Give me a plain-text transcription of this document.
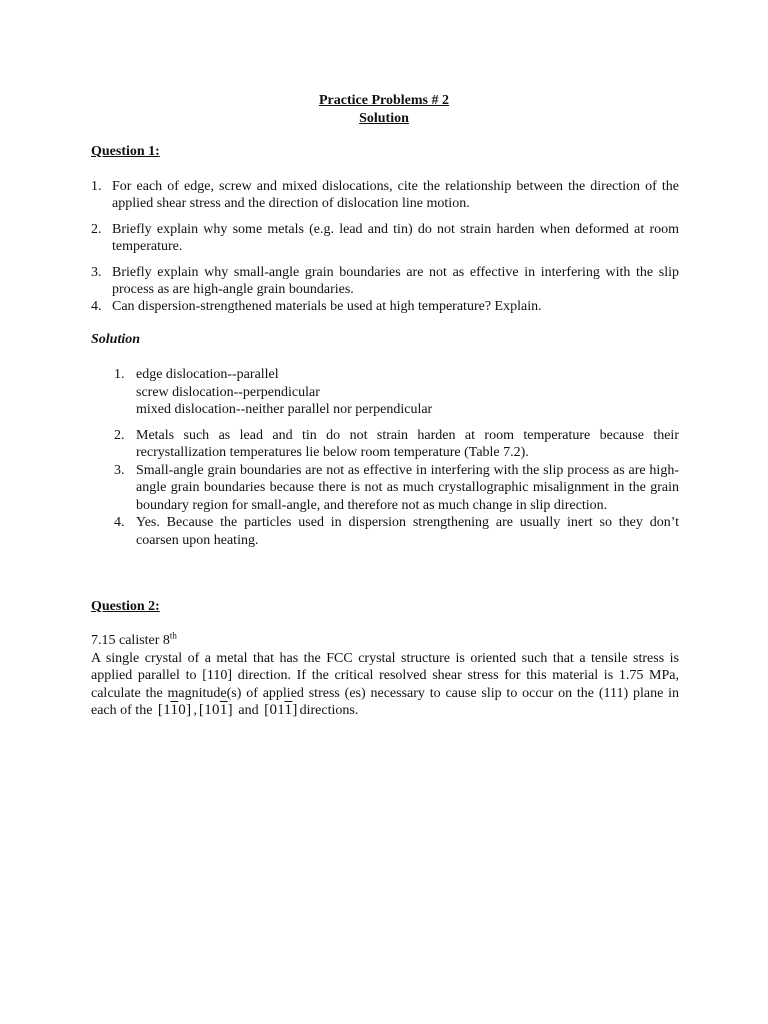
Practice Problems # 2
Solution
Question 1:
1. For each of edge, screw and mixed dislocations, cite the relationship between the direction of the applied shear stress and the direction of dislocation line motion.
2. Briefly explain why some metals (e.g. lead and tin) do not strain harden when deformed at room temperature.
3. Briefly explain why small-angle grain boundaries are not as effective in interfering with the slip process as are high-angle grain boundaries.
4. Can dispersion-strengthened materials be used at high temperature? Explain.
Solution
1. edge dislocation--parallel
screw dislocation--perpendicular
mixed dislocation--neither parallel nor perpendicular
2. Metals such as lead and tin do not strain harden at room temperature because their recrystallization temperatures lie below room temperature (Table 7.2).
3. Small-angle grain boundaries are not as effective in interfering with the slip process as are high-angle grain boundaries because there is not as much crystallographic misalignment in the grain boundary region for small-angle, and therefore not as much change in slip direction.
4. Yes. Because the particles used in dispersion strengthening are usually inert so they don’t coarsen upon heating.
Question 2:
7.15 calister 8th
A single crystal of a metal that has the FCC crystal structure is oriented such that a tensile stress is applied parallel to [110] direction. If the critical resolved shear stress for this material is 1.75 MPa, calculate the magnitude(s) of applied stress (es) necessary to cause slip to occur on the (111) plane in each of the [110] , [101] and [011] directions.
